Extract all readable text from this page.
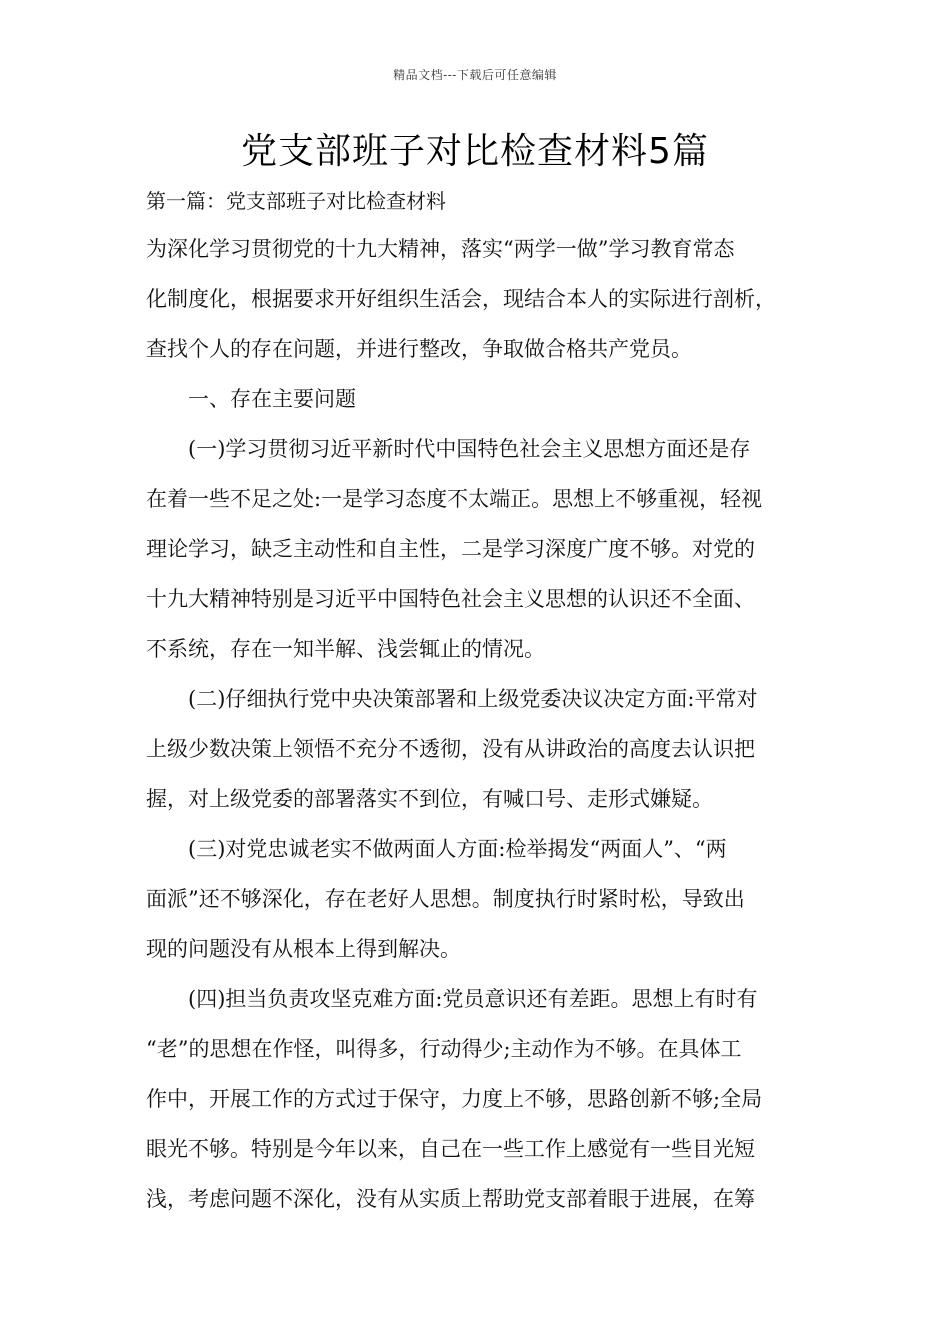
精品文档---下载后可任意编辑
党支部班子对比检查材料5篇
第一篇：党支部班子对比检查材料
为深化学习贯彻党的十九大精神，落实“两学一做”学习教育常态
化制度化，根据要求开好组织生活会，现结合本人的实际进行剖析，
查找个人的存在问题，并进行整改，争取做合格共产党员。
　　一、存在主要问题
　　(一)学习贯彻习近平新时代中国特色社会主义思想方面还是存
在着一些不足之处:一是学习态度不太端正。思想上不够重视，轻视
理论学习，缺乏主动性和自主性，二是学习深度广度不够。对党的
十九大精神特别是习近平中国特色社会主义思想的认识还不全面、
不系统，存在一知半解、浅尝辄止的情况。
　　(二)仔细执行党中央决策部署和上级党委决议决定方面:平常对
上级少数决策上领悟不充分不透彻，没有从讲政治的高度去认识把
握，对上级党委的部署落实不到位，有喊口号、走形式嫌疑。
　　(三)对党忠诚老实不做两面人方面:检举揭发“两面人”、“两
面派”还不够深化，存在老好人思想。制度执行时紧时松，导致出
现的问题没有从根本上得到解决。
　　(四)担当负责攻坚克难方面:党员意识还有差距。思想上有时有
“老”的思想在作怪，叫得多，行动得少;主动作为不够。在具体工
作中，开展工作的方式过于保守，力度上不够，思路创新不够;全局
眼光不够。特别是今年以来，自己在一些工作上感觉有一些目光短
浅，考虑问题不深化，没有从实质上帮助党支部着眼于进展，在筹
